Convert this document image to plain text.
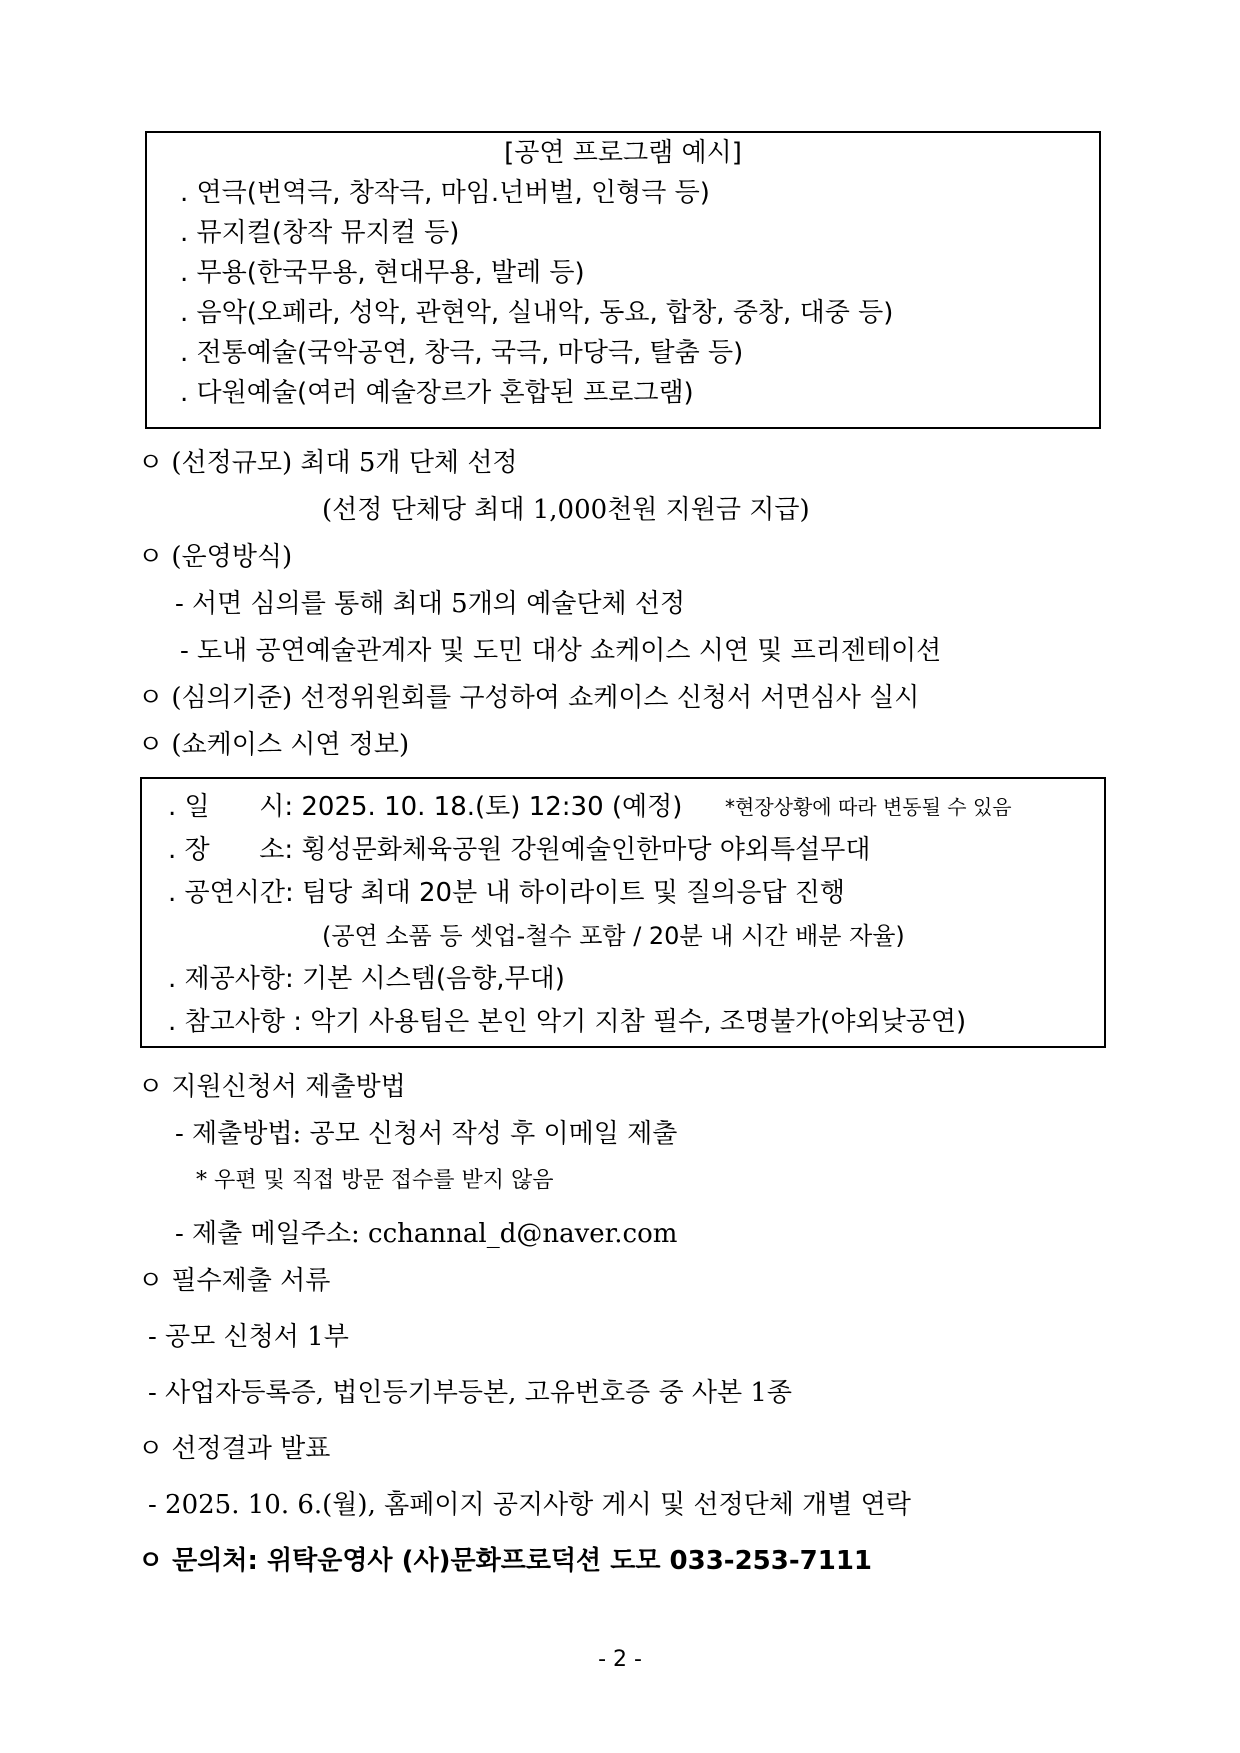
[공연 프로그램 예시]
. 연극(번역극, 창작극, 마임.넌버벌, 인형극 등)
. 뮤지컬(창작 뮤지컬 등)
. 무용(한국무용, 현대무용, 발레 등)
. 음악(오페라, 성악, 관현악, 실내악, 동요, 합창, 중창, 대중 등)
. 전통예술(국악공연, 창극, 국극, 마당극, 탈춤 등)
. 다원예술(여러 예술장르가 혼합된 프로그램)
ㅇ (선정규모) 최대 5개 단체 선정
(선정 단체당 최대 1,000천원 지원금 지급)
ㅇ (운영방식)
- 서면 심의를 통해 최대 5개의 예술단체 선정
- 도내 공연예술관계자 및 도민 대상 쇼케이스 시연 및 프리젠테이션
ㅇ (심의기준) 선정위원회를 구성하여 쇼케이스 신청서 서면심사 실시
ㅇ (쇼케이스 시연 정보)
. 일      시: 2025. 10. 18.(토) 12:30 (예정) *현장상황에 따라 변동될 수 있음
. 장      소: 횡성문화체육공원 강원예술인한마당 야외특설무대
. 공연시간: 팀당 최대 20분 내 하이라이트 및 질의응답 진행
(공연 소품 등 셋업-철수 포함 / 20분 내 시간 배분 자율)
. 제공사항: 기본 시스템(음향,무대)
. 참고사항 : 악기 사용팀은 본인 악기 지참 필수, 조명불가(야외낮공연)
ㅇ 지원신청서 제출방법
- 제출방법: 공모 신청서 작성 후 이메일 제출
* 우편 및 직접 방문 접수를 받지 않음
- 제출 메일주소: cchannal_d@naver.com
ㅇ 필수제출 서류
- 공모 신청서 1부
- 사업자등록증, 법인등기부등본, 고유번호증 중 사본 1종
ㅇ 선정결과 발표
- 2025. 10. 6.(월), 홈페이지 공지사항 게시 및 선정단체 개별 연락
ㅇ 문의처: 위탁운영사 (사)문화프로덕션 도모 033-253-7111
- 2 -
